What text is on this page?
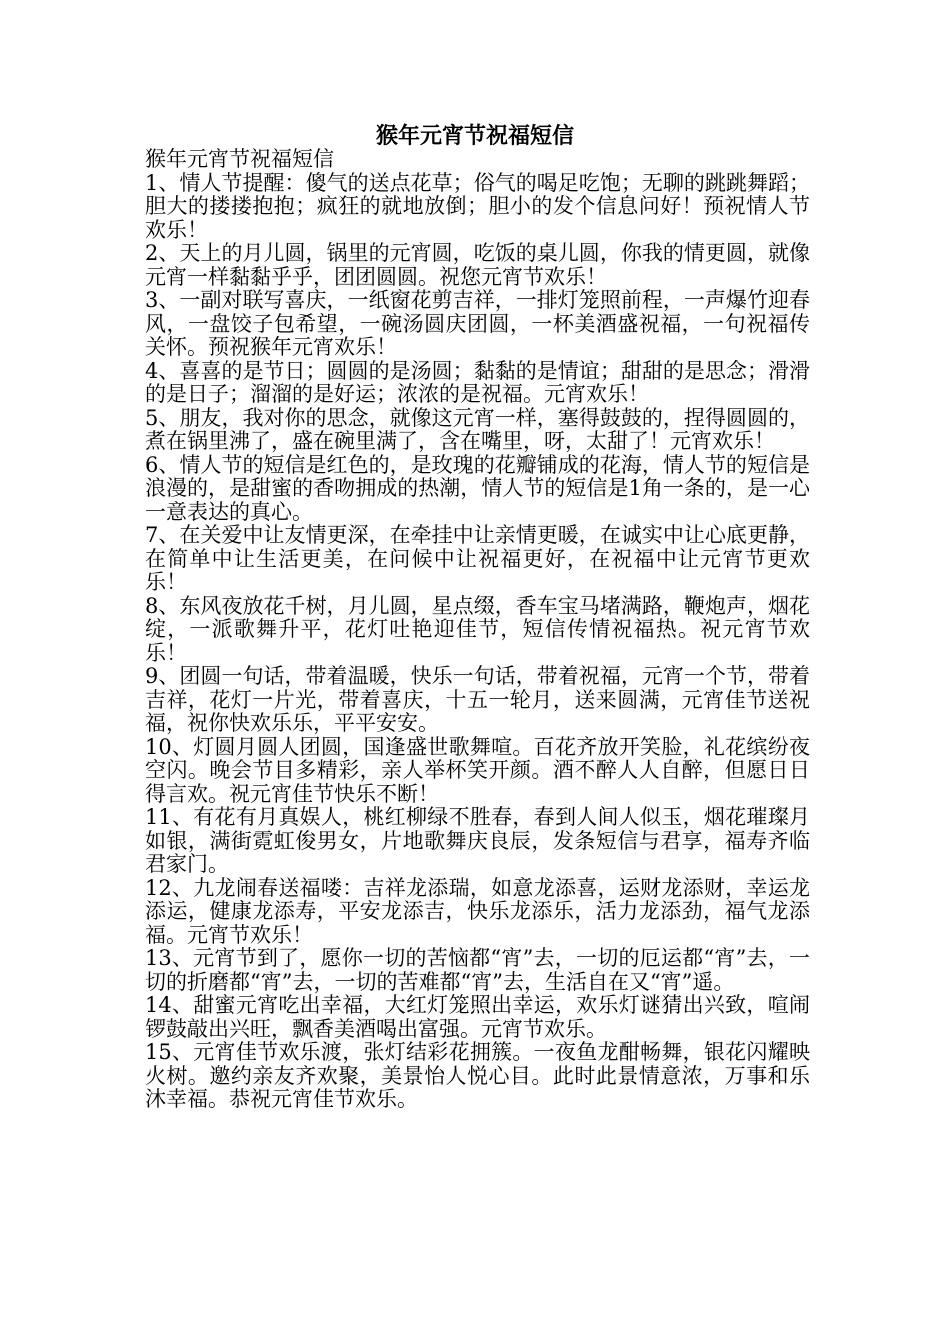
猴年元宵节祝福短信

猴年元宵节祝福短信

1、情人节提醒：傻气的送点花草；俗气的喝足吃饱；无聊的跳跳舞蹈；胆大的搂搂抱抱；疯狂的就地放倒；胆小的发个信息问好！预祝情人节欢乐！

2、天上的月儿圆，锅里的元宵圆，吃饭的桌儿圆，你我的情更圆，就像元宵一样黏黏乎乎，团团圆圆。祝您元宵节欢乐！

3、一副对联写喜庆，一纸窗花剪吉祥，一排灯笼照前程，一声爆竹迎春风，一盘饺子包希望，一碗汤圆庆团圆，一杯美酒盛祝福，一句祝福传关怀。预祝猴年元宵欢乐！

4、喜喜的是节日；圆圆的是汤圆；黏黏的是情谊；甜甜的是思念；滑滑的是日子；溜溜的是好运；浓浓的是祝福。元宵欢乐！

5、朋友，我对你的思念，就像这元宵一样，塞得鼓鼓的，捏得圆圆的，煮在锅里沸了，盛在碗里满了，含在嘴里，呀，太甜了！元宵欢乐！

6、情人节的短信是红色的，是玫瑰的花瓣铺成的花海，情人节的短信是浪漫的，是甜蜜的香吻拥成的热潮，情人节的短信是1角一条的，是一心一意表达的真心。

7、在关爱中让友情更深，在牵挂中让亲情更暖，在诚实中让心底更静，在简单中让生活更美，在问候中让祝福更好，在祝福中让元宵节更欢乐！

8、东风夜放花千树，月儿圆，星点缀，香车宝马堵满路，鞭炮声，烟花绽，一派歌舞升平，花灯吐艳迎佳节，短信传情祝福热。祝元宵节欢乐！

9、团圆一句话，带着温暖，快乐一句话，带着祝福，元宵一个节，带着吉祥，花灯一片光，带着喜庆，十五一轮月，送来圆满，元宵佳节送祝福，祝你快欢乐乐，平平安安。

10、灯圆月圆人团圆，国逢盛世歌舞喧。百花齐放开笑脸，礼花缤纷夜空闪。晚会节目多精彩，亲人举杯笑开颜。酒不醉人人自醉，但愿日日得言欢。祝元宵佳节快乐不断！

11、有花有月真娱人，桃红柳绿不胜春，春到人间人似玉，烟花璀璨月如银，满街霓虹俊男女，片地歌舞庆良辰，发条短信与君享，福寿齐临君家门。

12、九龙闹春送福喽：吉祥龙添瑞，如意龙添喜，运财龙添财，幸运龙添运，健康龙添寿，平安龙添吉，快乐龙添乐，活力龙添劲，福气龙添福。元宵节欢乐！

13、元宵节到了，愿你一切的苦恼都“宵”去，一切的厄运都“宵”去，一切的折磨都“宵”去，一切的苦难都“宵”去，生活自在又“宵”遥。

14、甜蜜元宵吃出幸福，大红灯笼照出幸运，欢乐灯谜猜出兴致，喧闹锣鼓敲出兴旺，飘香美酒喝出富强。元宵节欢乐。

15、元宵佳节欢乐渡，张灯结彩花拥簇。一夜鱼龙酣畅舞，银花闪耀映火树。邀约亲友齐欢聚，美景怡人悦心目。此时此景情意浓，万事和乐沐幸福。恭祝元宵佳节欢乐。
